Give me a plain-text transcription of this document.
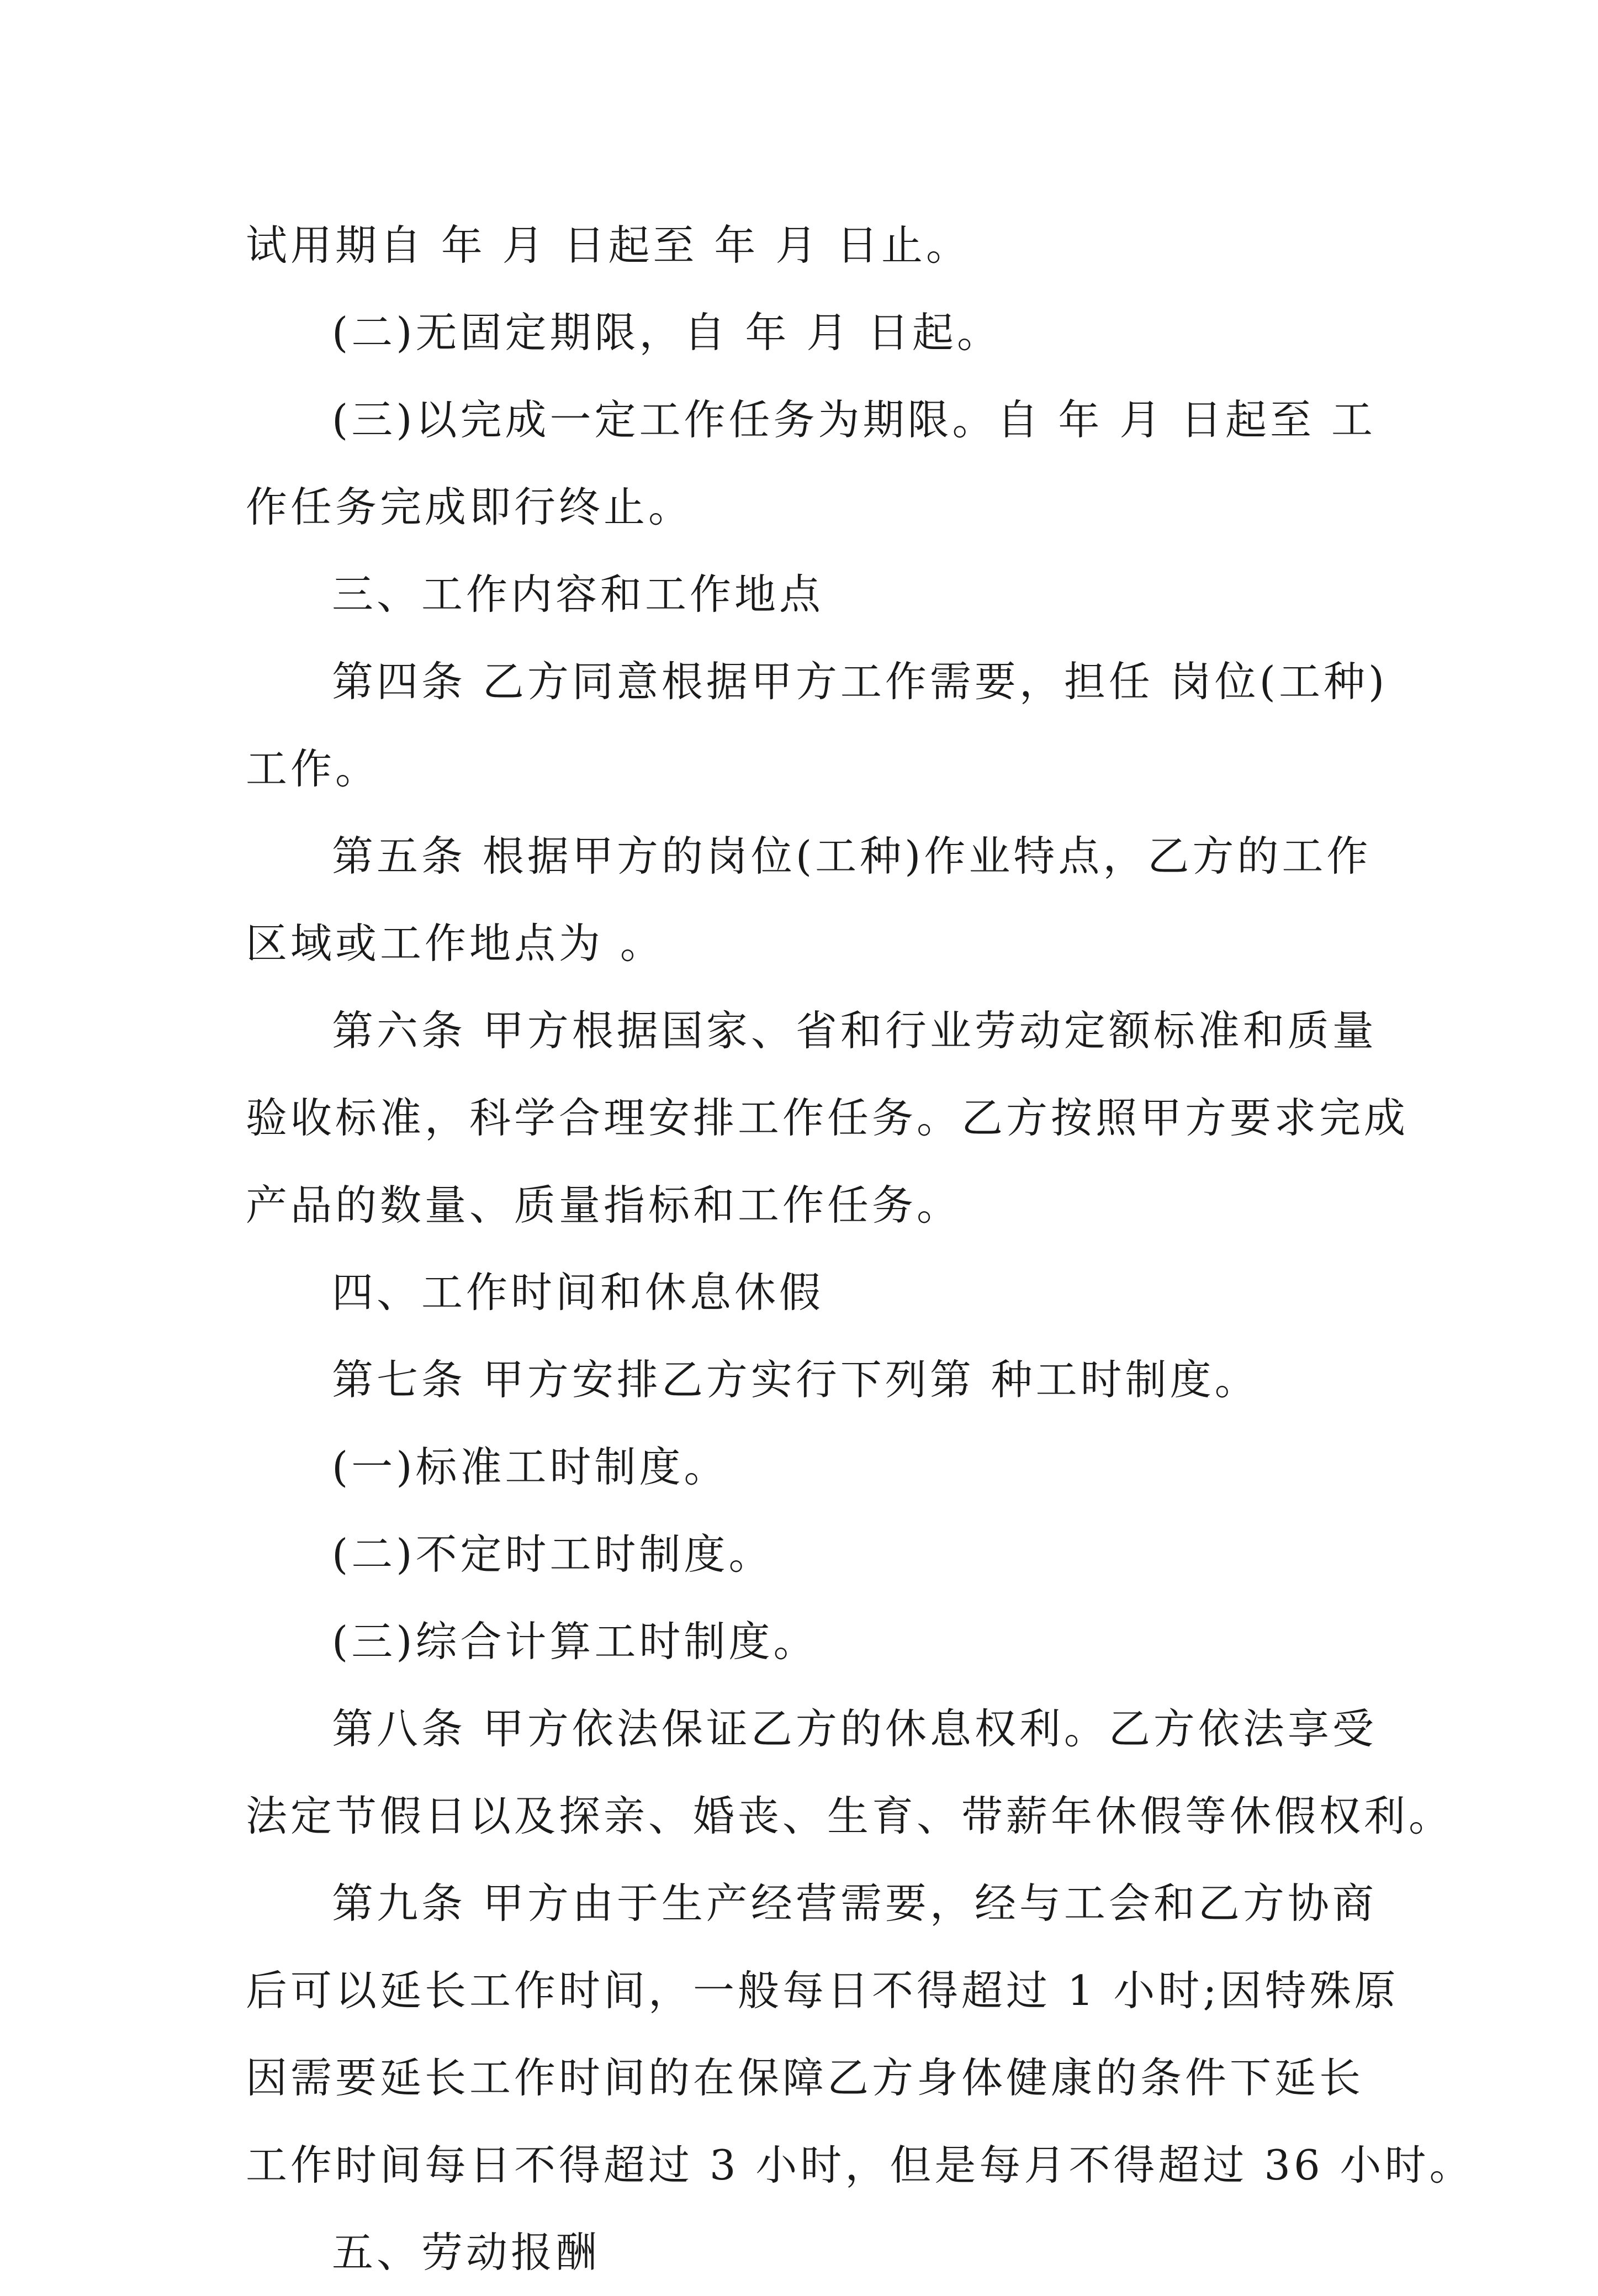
试用期自 年 月 日起至 年 月 日止。

(二)无固定期限，自 年 月 日起。

(三)以完成一定工作任务为期限。自 年 月 日起至 工
作任务完成即行终止。

三、工作内容和工作地点

第四条 乙方同意根据甲方工作需要，担任 岗位(工种)
工作。

第五条 根据甲方的岗位(工种)作业特点，乙方的工作
区域或工作地点为 。

第六条 甲方根据国家、省和行业劳动定额标准和质量
验收标准，科学合理安排工作任务。乙方按照甲方要求完成
产品的数量、质量指标和工作任务。

四、工作时间和休息休假

第七条 甲方安排乙方实行下列第 种工时制度。

(一)标准工时制度。

(二)不定时工时制度。

(三)综合计算工时制度。

第八条 甲方依法保证乙方的休息权利。乙方依法享受
法定节假日以及探亲、婚丧、生育、带薪年休假等休假权利。

第九条 甲方由于生产经营需要，经与工会和乙方协商
后可以延长工作时间，一般每日不得超过 1 小时;因特殊原
因需要延长工作时间的在保障乙方身体健康的条件下延长
工作时间每日不得超过 3 小时，但是每月不得超过 36 小时。

五、劳动报酬
